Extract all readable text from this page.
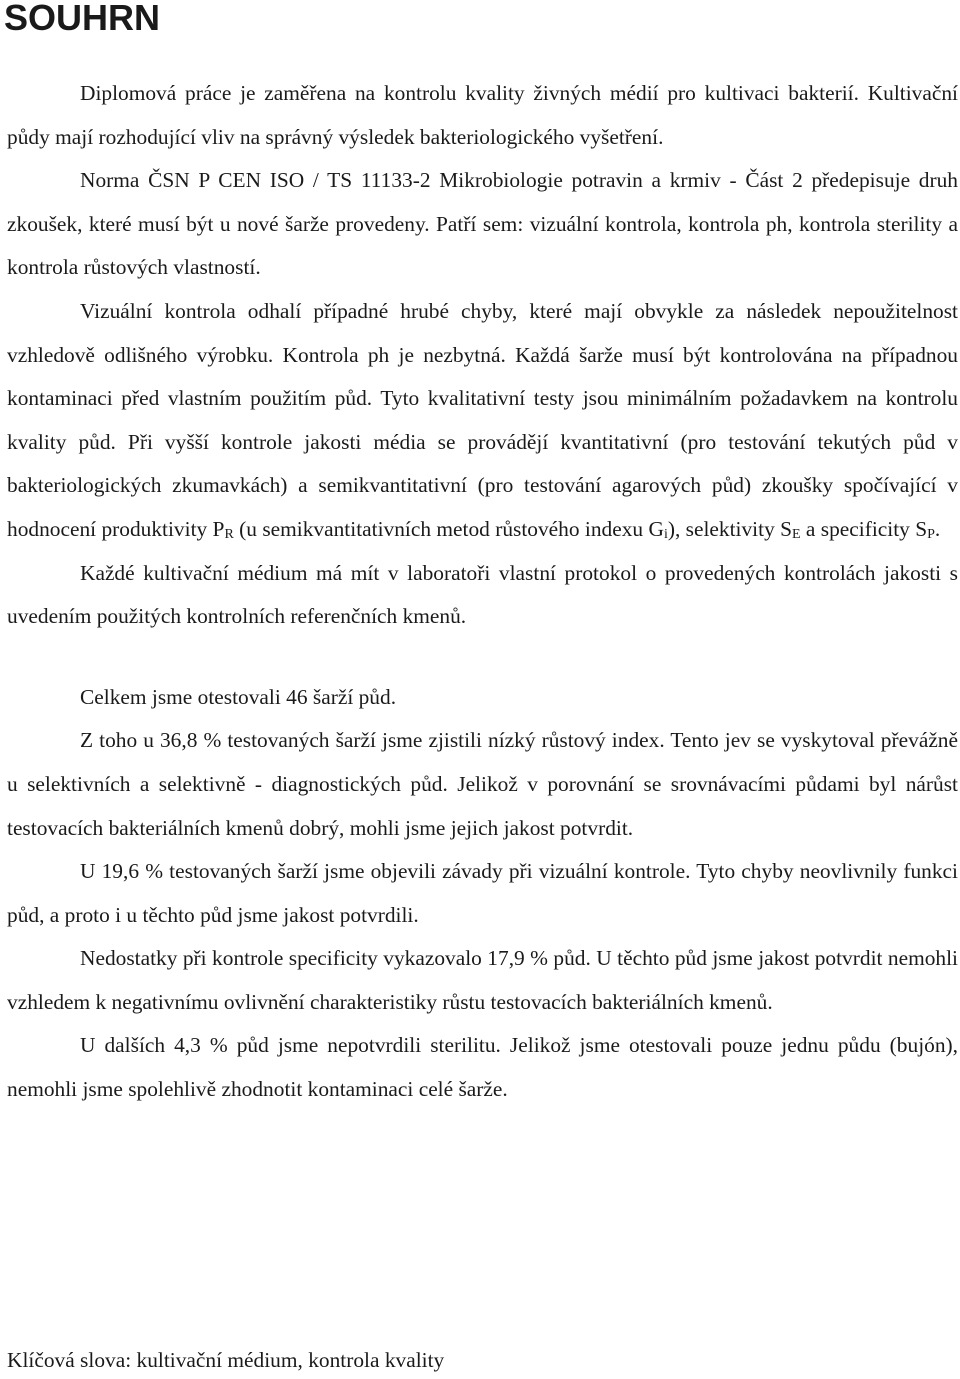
SOUHRN

Diplomová práce je zaměřena na kontrolu kvality živných médií pro kultivaci bakterií. Kultivační půdy mají rozhodující vliv na správný výsledek bakteriologického vyšetření.

Norma ČSN P CEN ISO / TS 11133-2 Mikrobiologie potravin a krmiv - Část 2 předepisuje druh zkoušek, které musí být u nové šarže provedeny. Patří sem: vizuální kontrola, kontrola ph, kontrola sterility a kontrola růstových vlastností.

Vizuální kontrola odhalí případné hrubé chyby, které mají obvykle za následek nepoužitelnost vzhledově odlišného výrobku. Kontrola ph je nezbytná. Každá šarže musí být kontrolována na případnou kontaminaci před vlastním použitím půd. Tyto kvalitativní testy jsou minimálním požadavkem na kontrolu kvality půd. Při vyšší kontrole jakosti média se provádějí kvantitativní (pro testování tekutých půd v bakteriologických zkumavkách) a semikvantitativní (pro testování agarových půd) zkoušky spočívající v hodnocení produktivity $P_R$ (u semikvantitativních metod růstového indexu $G_i$), selektivity $S_E$ a specificity $S_P$.

Každé kultivační médium má mít v laboratoři vlastní protokol o provedených kontrolách jakosti s uvedením použitých kontrolních referenčních kmenů.

Celkem jsme otestovali 46 šarží půd.

Z toho u 36,8 % testovaných šarží jsme zjistili nízký růstový index. Tento jev se vyskytoval převážně u selektivních a selektivně - diagnostických půd. Jelikož v porovnání se srovnávacími půdami byl nárůst testovacích bakteriálních kmenů dobrý, mohli jsme jejich jakost potvrdit.

U 19,6 % testovaných šarží jsme objevili závady při vizuální kontrole. Tyto chyby neovlivnily funkci půd, a proto i u těchto půd jsme jakost potvrdili.

Nedostatky při kontrole specificity vykazovalo 17,9 % půd. U těchto půd jsme jakost potvrdit nemohli vzhledem k negativnímu ovlivnění charakteristiky růstu testovacích bakteriálních kmenů.

U dalších 4,3 % půd jsme nepotvrdili sterilitu. Jelikož jsme otestovali pouze jednu půdu (bujón), nemohli jsme spolehlivě zhodnotit kontaminaci celé šarže.

Klíčová slova: kultivační médium, kontrola kvality
